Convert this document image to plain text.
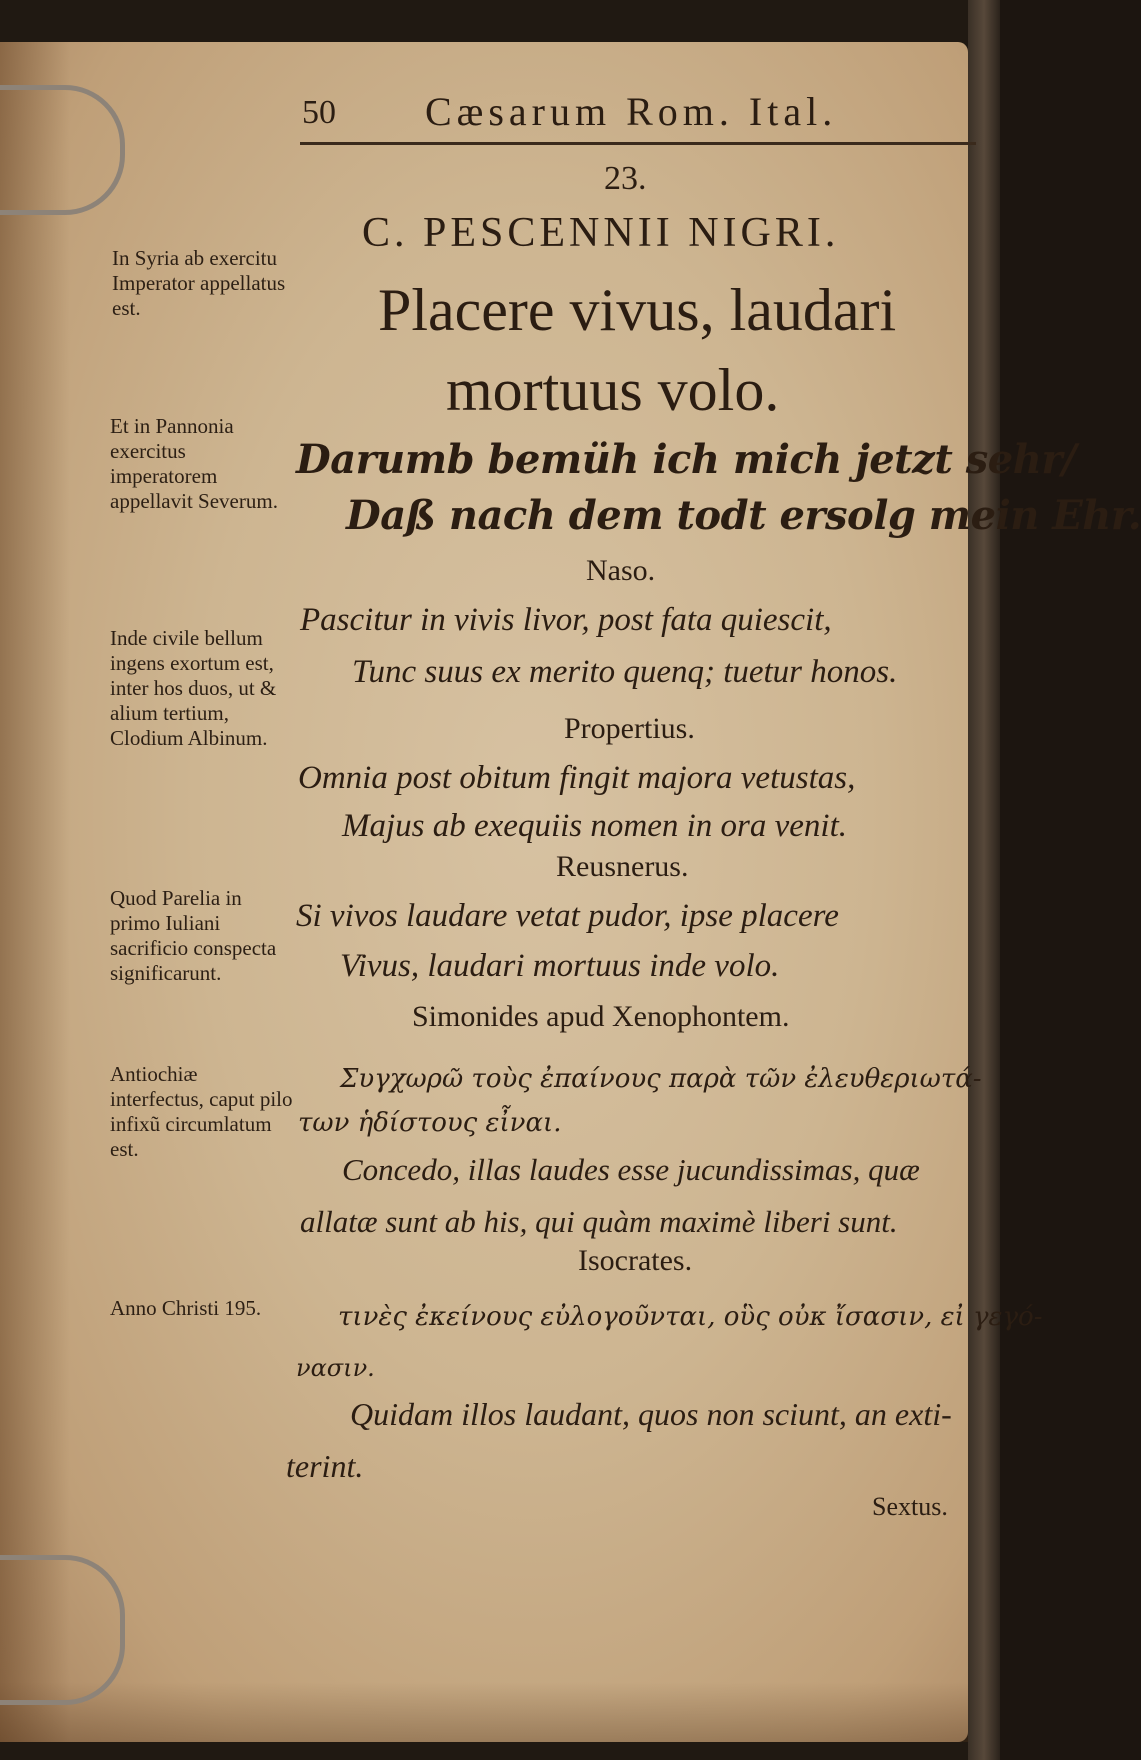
50 Cæsarum Rom. Ital.
23.
C. PESCENNII NIGRI.
Placere vivus, laudari
mortuus volo.
Darumb bemüh ich mich jetzt sehr/
Daß nach dem todt ersolg mein Ehr.
Naso.
Pascitur in vivis livor, post fata quiescit,
Tunc suus ex merito quenq; tuetur honos.
Propertius.
Omnia post obitum fingit majora vetustas,
Majus ab exequiis nomen in ora venit.
Reusnerus.
Si vivos laudare vetat pudor, ipse placere
Vivus, laudari mortuus inde volo.
Simonides apud Xenophontem.
Συγχωρῶ τοὺς ἐπαίνους παρὰ τῶν ἐλευθεριωτά-
των ἡδίστους εἶναι.
Concedo, illas laudes esse jucundissimas, quæ
allatæ sunt ab his, qui quàm maximè liberi sunt.
Isocrates.
τινὲς ἐκείνους εὐλογοῦνται, οὓς οὐκ ἴσασιν, εἰ γεγό-
νασιν.
Quidam illos laudant, quos non sciunt, an exti-
terint.
Sextus.
In Syria ab exercitu Imperator appellatus est.
Et in Pannonia exercitus imperatorem appellavit Severum.
Inde civile bellum ingens exortum est, inter hos duos, ut & alium tertium, Clodium Albinum.
Quod Parelia in primo Iuliani sacrificio conspecta significarunt.
Antiochiæ interfectus, caput pilo infixũ circumlatum est.
Anno Christi 195.
